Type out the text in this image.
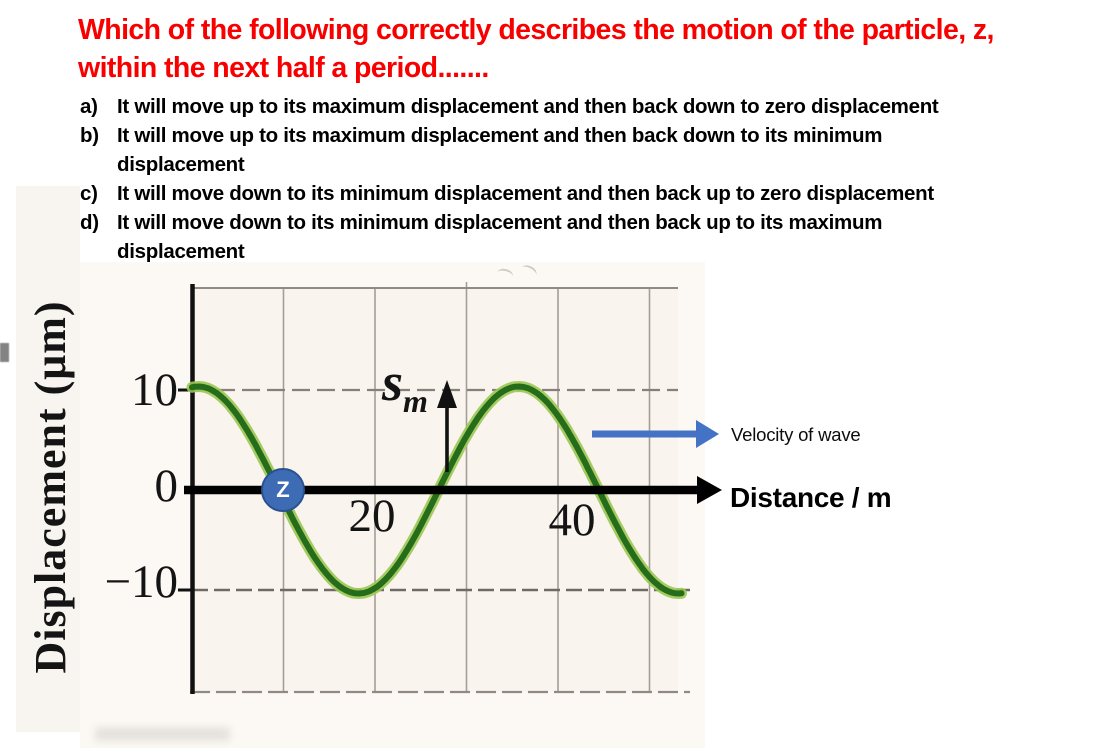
Which of the following correctly describes the motion of the particle, z,
within the next half a period.......
a) It will move up to its maximum displacement and then back down to zero displacement
b) It will move up to its maximum displacement and then back down to its minimum
displacement
c) It will move down to its minimum displacement and then back up to zero displacement
d) It will move down to its minimum displacement and then back up to its maximum
displacement
Displacement (μm)	10
0
−10
20	40
$s_m$
Velocity of wave
Distance / m
Z
